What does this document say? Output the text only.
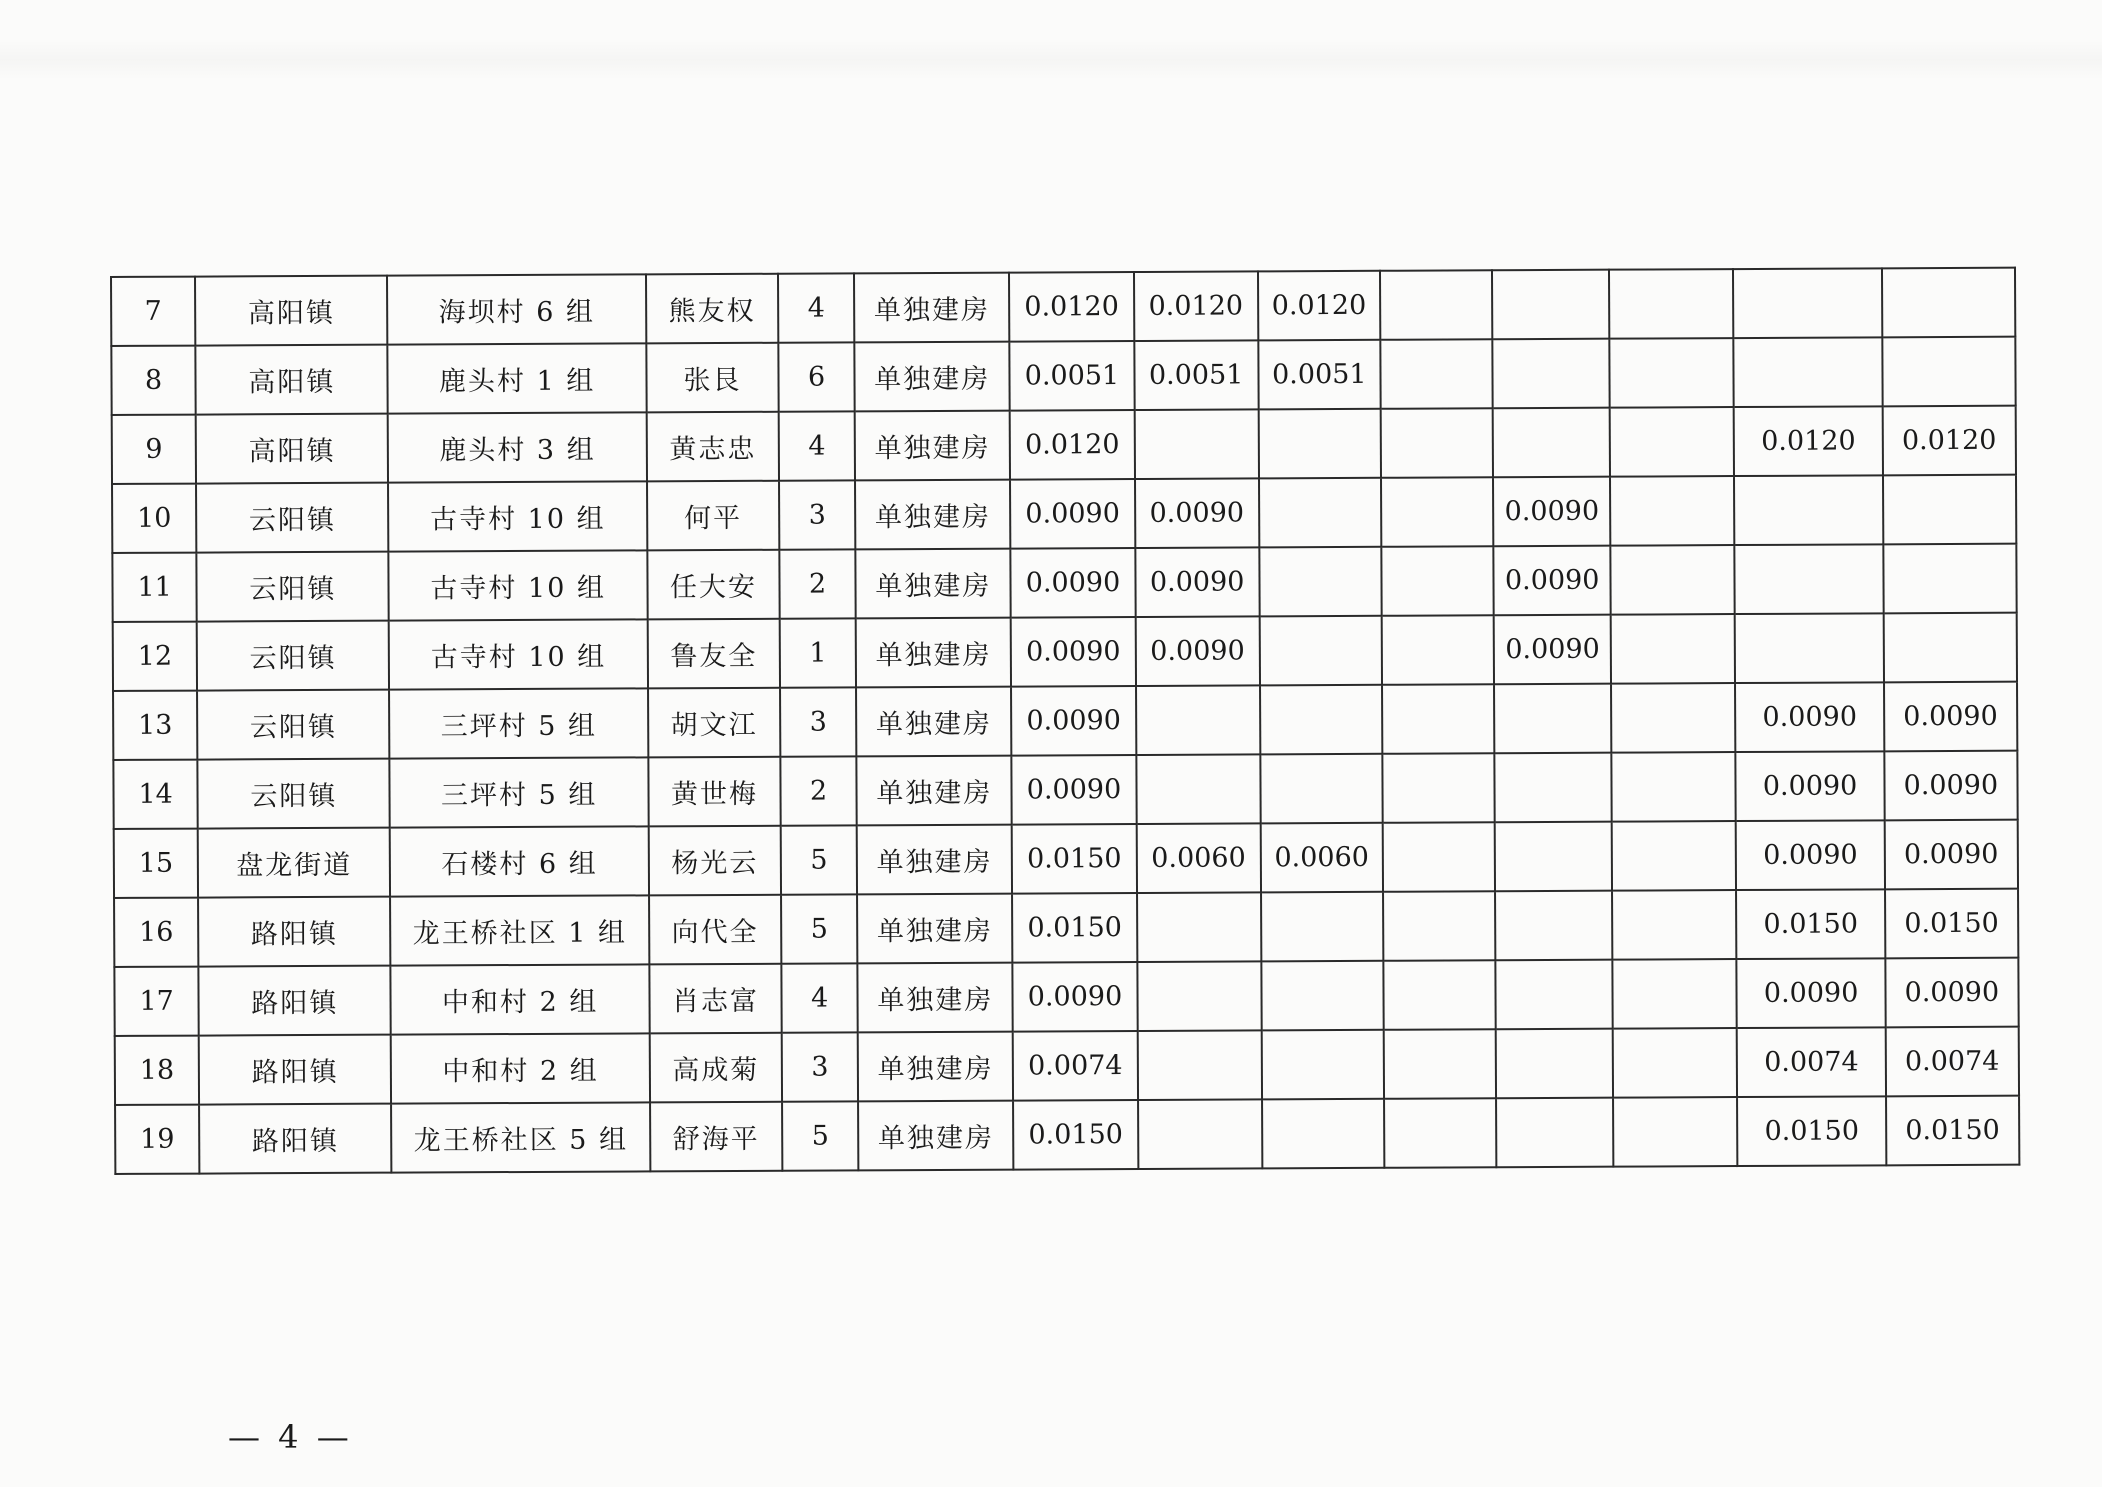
7	高阳镇	海坝村 6 组	熊友权	4	单独建房	0.0120	0.0120	0.0120					
8	高阳镇	鹿头村 1 组	张艮	6	单独建房	0.0051	0.0051	0.0051					
9	高阳镇	鹿头村 3 组	黄志忠	4	单独建房	0.0120						0.0120	0.0120
10	云阳镇	古寺村 10 组	何平	3	单独建房	0.0090	0.0090			0.0090			
11	云阳镇	古寺村 10 组	任大安	2	单独建房	0.0090	0.0090			0.0090			
12	云阳镇	古寺村 10 组	鲁友全	1	单独建房	0.0090	0.0090			0.0090			
13	云阳镇	三坪村 5 组	胡文江	3	单独建房	0.0090						0.0090	0.0090
14	云阳镇	三坪村 5 组	黄世梅	2	单独建房	0.0090						0.0090	0.0090
15	盘龙街道	石楼村 6 组	杨光云	5	单独建房	0.0150	0.0060	0.0060				0.0090	0.0090
16	路阳镇	龙王桥社区 1 组	向代全	5	单独建房	0.0150						0.0150	0.0150
17	路阳镇	中和村 2 组	肖志富	4	单独建房	0.0090						0.0090	0.0090
18	路阳镇	中和村 2 组	高成菊	3	单独建房	0.0074						0.0074	0.0074
19	路阳镇	龙王桥社区 5 组	舒海平	5	单独建房	0.0150						0.0150	0.0150
— 4 —
